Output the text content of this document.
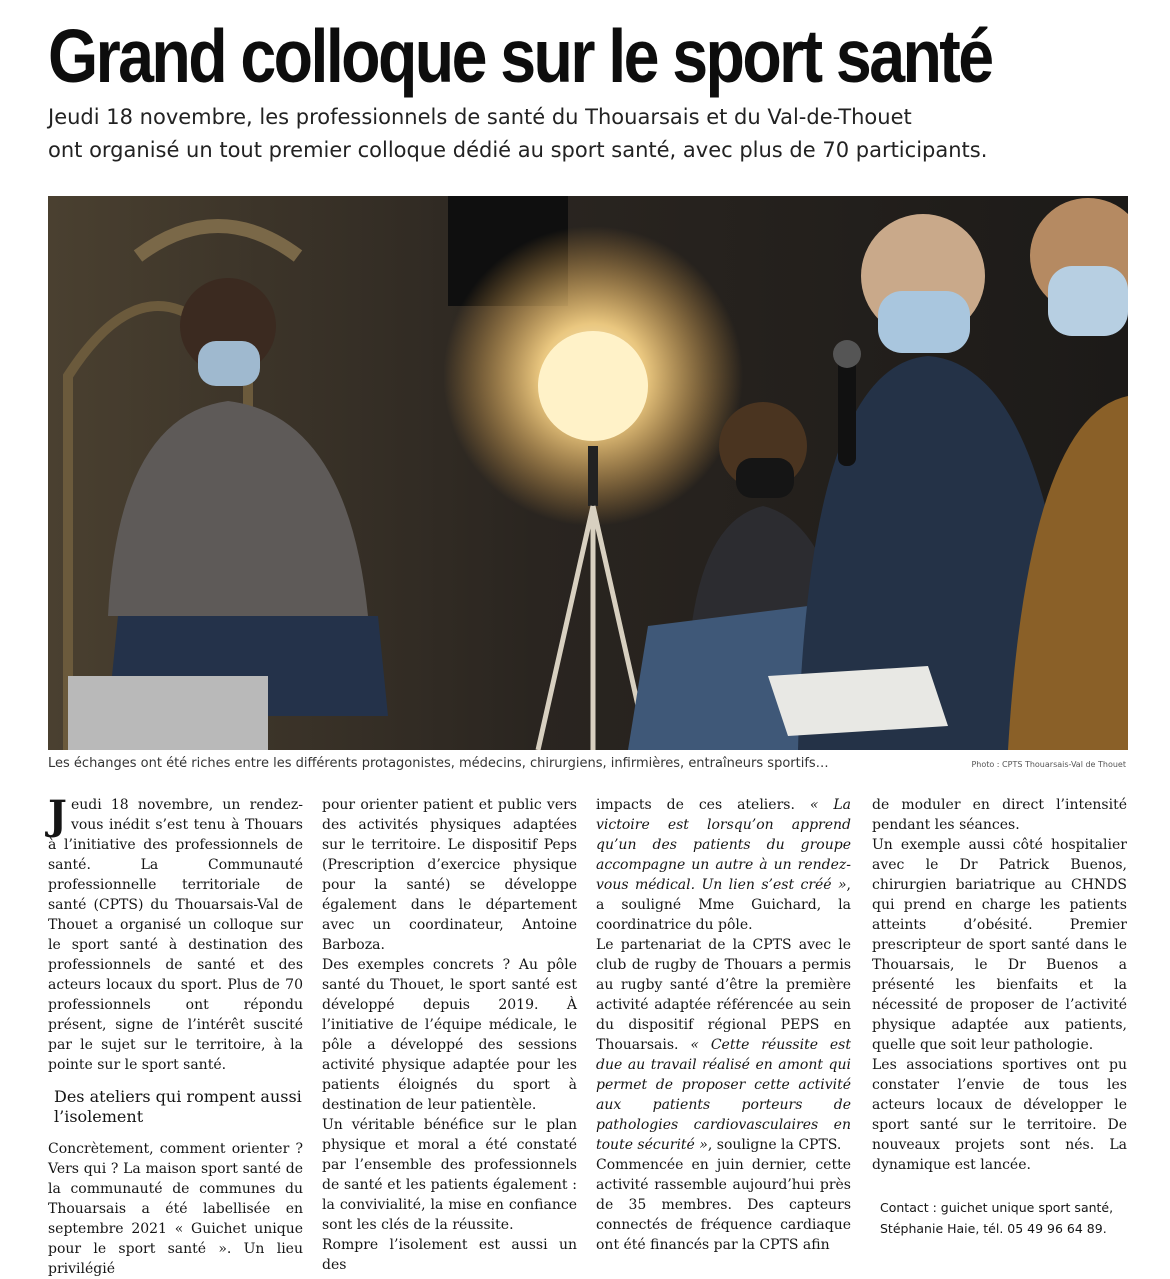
Grand colloque sur le sport santé
Jeudi 18 novembre, les professionnels de santé du Thouarsais et du Val-de-Thouet
ont organisé un tout premier colloque dédié au sport santé, avec plus de 70 participants.
Les échanges ont été riches entre les différents protagonistes, médecins, chirurgiens, infirmières, entraîneurs sportifs…	Photo : CPTS Thouarsais-Val de Thouet

Jeudi 18 novembre, un rendez-vous inédit s’est tenu à Thouars à l’initiative des professionnels de santé. La Communauté professionnelle territoriale de santé (CPTS) du Thouarsais-Val de Thouet a organisé un colloque sur le sport santé à destination des professionnels de santé et des acteurs locaux du sport. Plus de 70 professionnels ont répondu présent, signe de l’intérêt suscité par le sujet sur le territoire, à la pointe sur le sport santé.

Des ateliers qui rompent aussi l’isolement

Concrètement, comment orienter ? Vers qui ? La maison sport santé de la communauté de communes du Thouarsais a été labellisée en septembre 2021 « Guichet unique pour le sport santé ». Un lieu privilégié

pour orienter patient et public vers des activités physiques adaptées sur le territoire. Le dispositif Peps (Prescription d’exercice physique pour la santé) se développe également dans le département avec un coordinateur, Antoine Barboza.

Des exemples concrets ? Au pôle santé du Thouet, le sport santé est développé depuis 2019. À l’initiative de l’équipe médicale, le pôle a développé des sessions activité physique adaptée pour les patients éloignés du sport à destination de leur patientèle.

Un véritable bénéfice sur le plan physique et moral a été constaté par l’ensemble des professionnels de santé et les patients également : la convivialité, la mise en confiance sont les clés de la réussite.

Rompre l’isolement est aussi un des

impacts de ces ateliers. « La victoire est lorsqu’on apprend qu’un des patients du groupe accompagne un autre à un rendez-vous médical. Un lien s’est créé », a souligné Mme Guichard, la coordinatrice du pôle.

Le partenariat de la CPTS avec le club de rugby de Thouars a permis au rugby santé d’être la première activité adaptée référencée au sein du dispositif régional PEPS en Thouarsais. « Cette réussite est due au travail réalisé en amont qui permet de proposer cette activité aux patients porteurs de pathologies cardiovasculaires en toute sécurité », souligne la CPTS.

Commencée en juin dernier, cette activité rassemble aujourd’hui près de 35 membres. Des capteurs connectés de fréquence cardiaque ont été financés par la CPTS afin

de moduler en direct l’intensité pendant les séances.

Un exemple aussi côté hospitalier avec le Dr Patrick Buenos, chirurgien bariatrique au CHNDS qui prend en charge les patients atteints d’obésité. Premier prescripteur de sport santé dans le Thouarsais, le Dr Buenos a présenté les bienfaits et la nécessité de proposer de l’activité physique adaptée aux patients, quelle que soit leur pathologie.

Les associations sportives ont pu constater l’envie de tous les acteurs locaux de développer le sport santé sur le territoire. De nouveaux projets sont nés. La dynamique est lancée.

Contact : guichet unique sport santé,
Stéphanie Haie, tél. 05 49 96 64 89.
